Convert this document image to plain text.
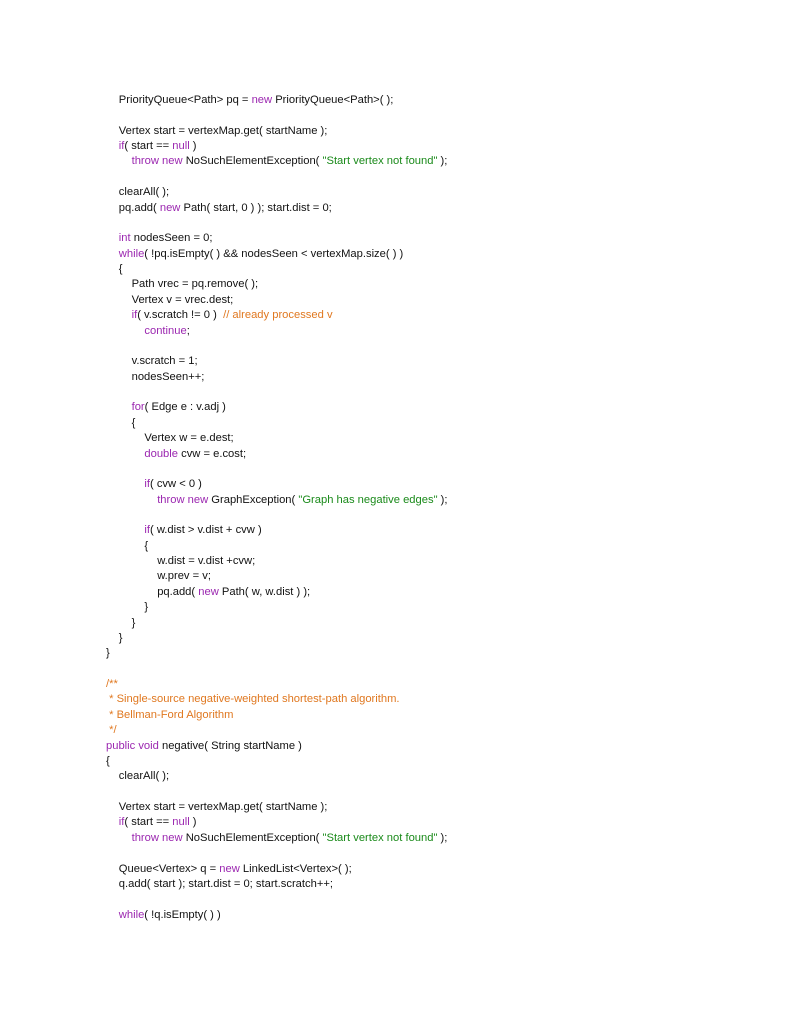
PriorityQueue<Path> pq = new PriorityQueue<Path>( );
Vertex start = vertexMap.get( startName );
if( start == null )
throw new NoSuchElementException( "Start vertex not found" );
clearAll( );
pq.add( new Path( start, 0 ) ); start.dist = 0;
int nodesSeen = 0;
while( !pq.isEmpty( ) && nodesSeen < vertexMap.size( ) )
{
Path vrec = pq.remove( );
Vertex v = vrec.dest;
if( v.scratch != 0 )  // already processed v
continue;
v.scratch = 1;
nodesSeen++;
for( Edge e : v.adj )
{
Vertex w = e.dest;
double cvw = e.cost;
if( cvw < 0 )
throw new GraphException( "Graph has negative edges" );
if( w.dist > v.dist + cvw )
{
w.dist = v.dist +cvw;
w.prev = v;
pq.add( new Path( w, w.dist ) );
}
}
}
}
/**
* Single-source negative-weighted shortest-path algorithm.
* Bellman-Ford Algorithm
*/
public void negative( String startName )
{
clearAll( );
Vertex start = vertexMap.get( startName );
if( start == null )
throw new NoSuchElementException( "Start vertex not found" );
Queue<Vertex> q = new LinkedList<Vertex>( );
q.add( start ); start.dist = 0; start.scratch++;
while( !q.isEmpty( ) )
